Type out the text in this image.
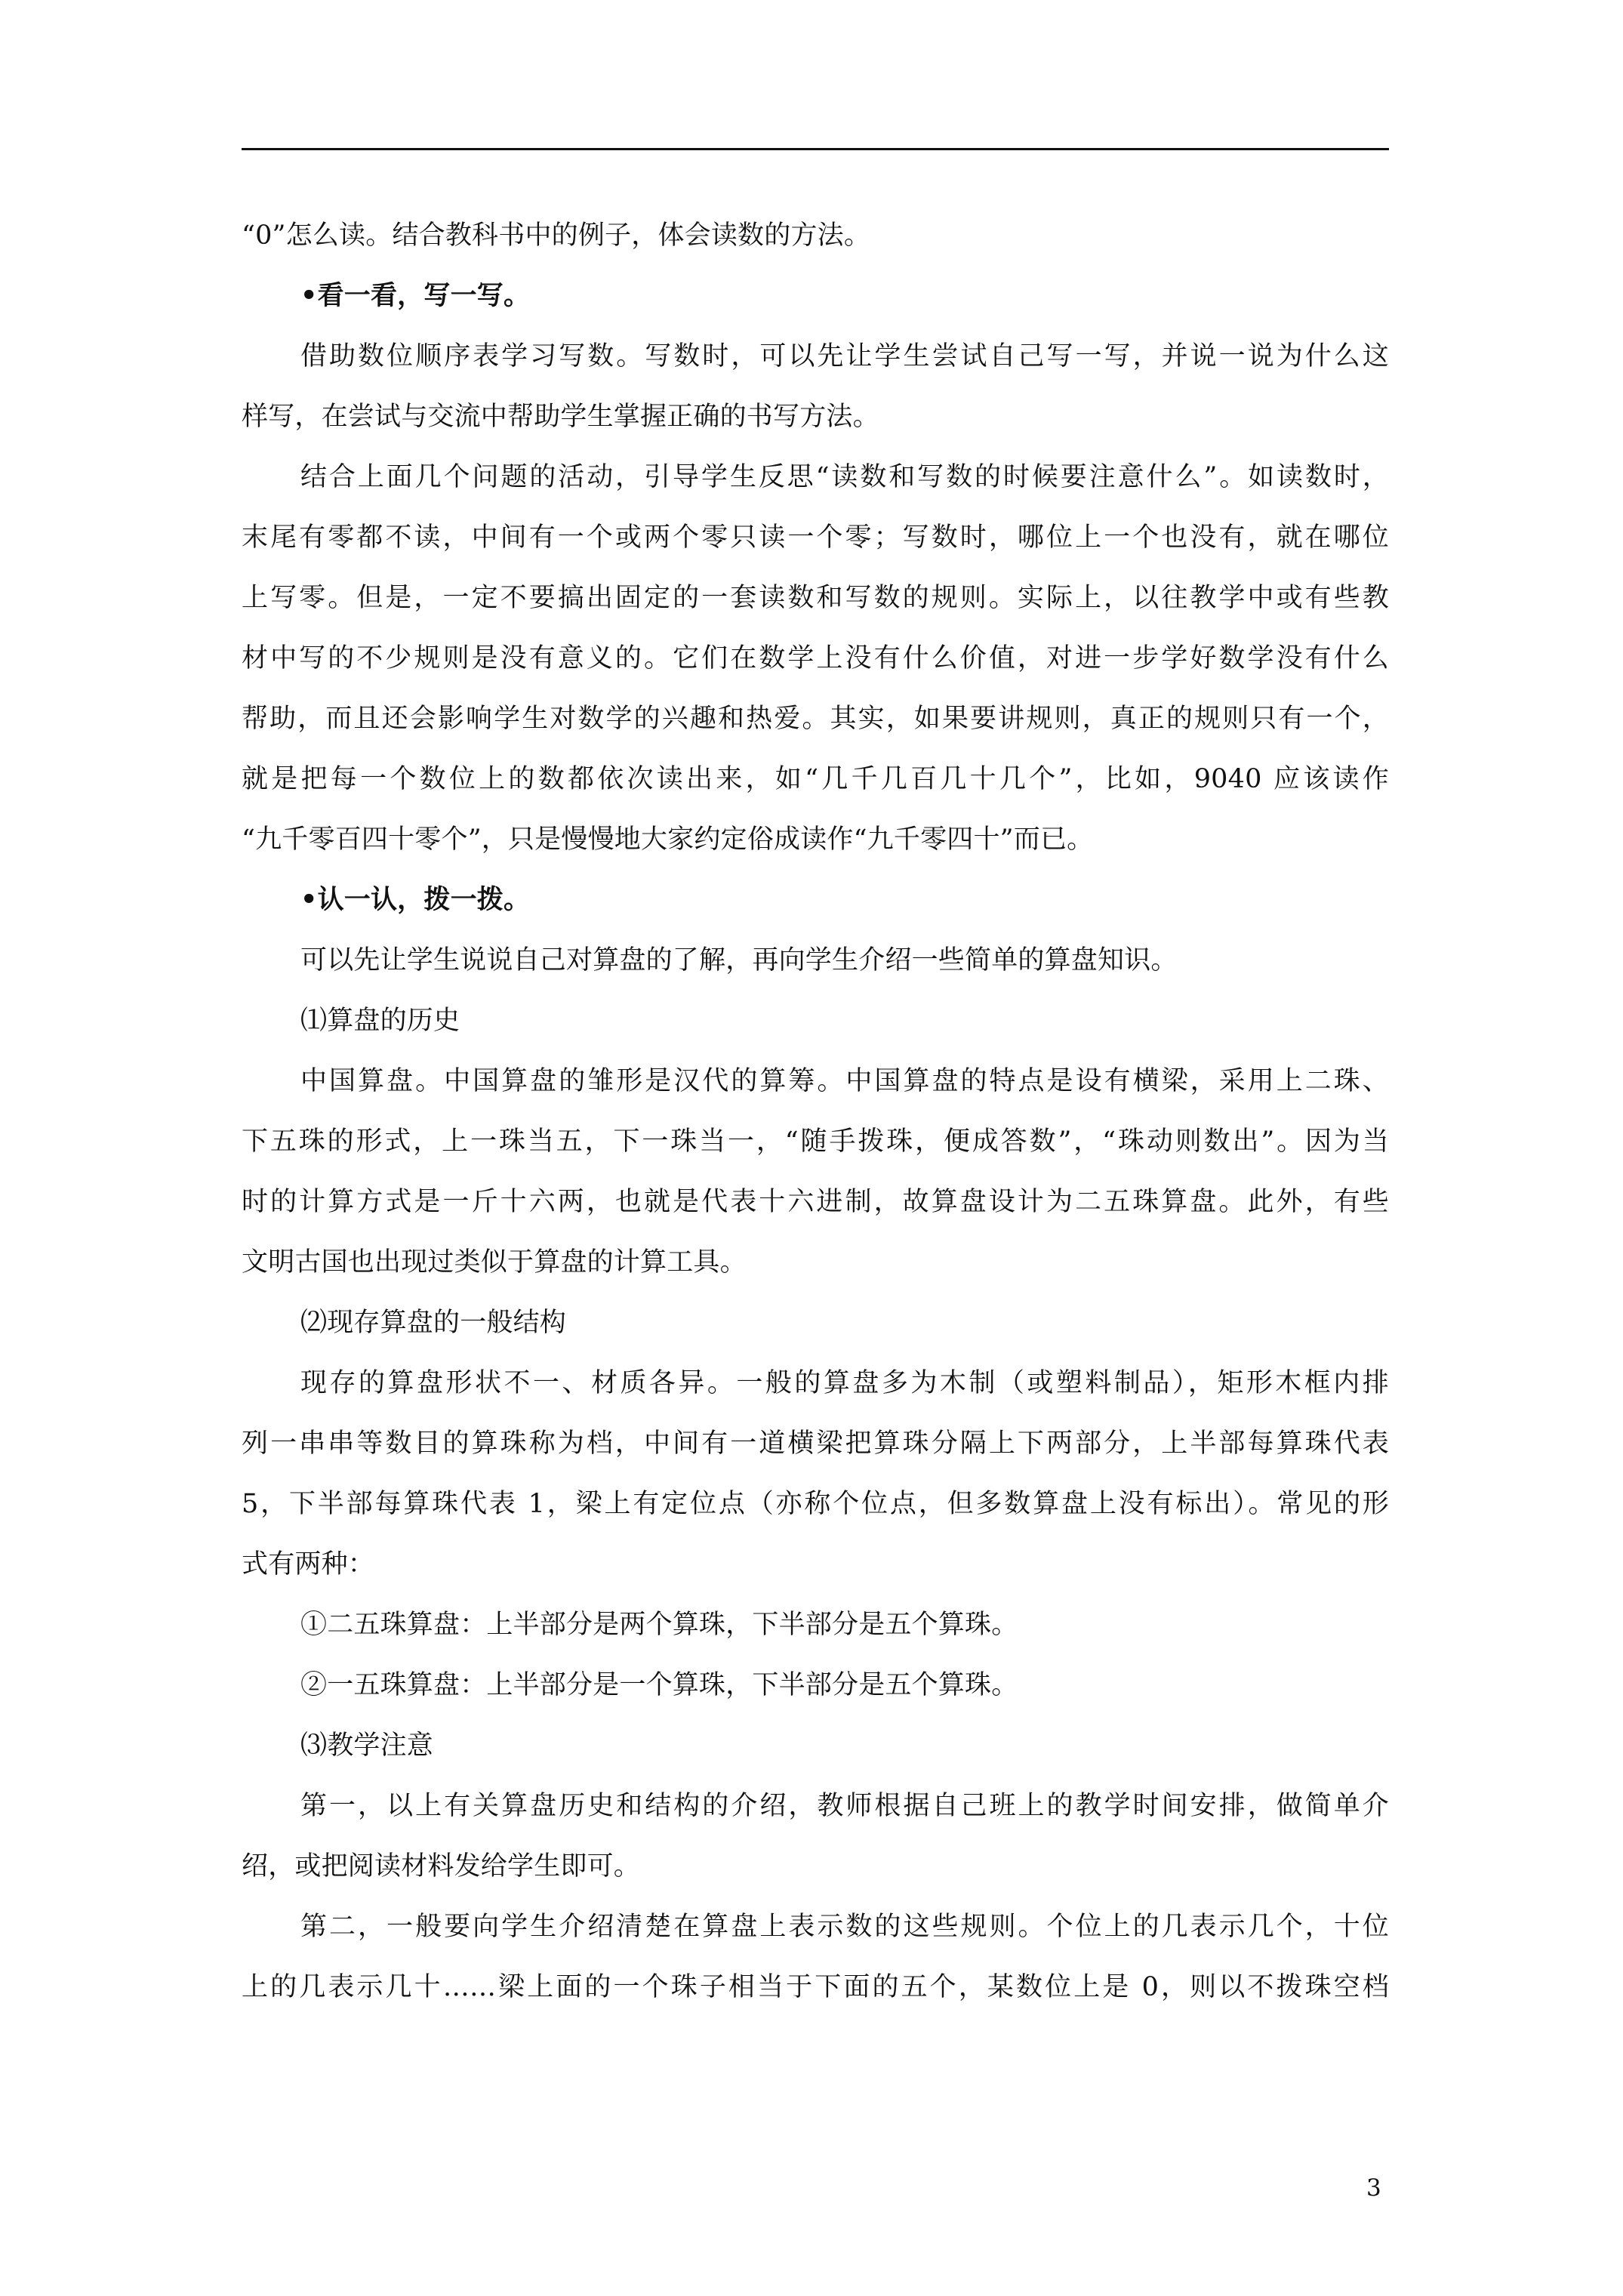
“0”怎么读。结合教科书中的例子，体会读数的方法。
•看一看，写一写。
借助数位顺序表学习写数。写数时，可以先让学生尝试自己写一写，并说一说为什么这
样写，在尝试与交流中帮助学生掌握正确的书写方法。
结合上面几个问题的活动，引导学生反思“读数和写数的时候要注意什么”。如读数时，
末尾有零都不读，中间有一个或两个零只读一个零；写数时，哪位上一个也没有，就在哪位
上写零。但是，一定不要搞出固定的一套读数和写数的规则。实际上，以往教学中或有些教
材中写的不少规则是没有意义的。它们在数学上没有什么价值，对进一步学好数学没有什么
帮助，而且还会影响学生对数学的兴趣和热爱。其实，如果要讲规则，真正的规则只有一个，
就是把每一个数位上的数都依次读出来，如“几千几百几十几个”，比如，9040 应该读作
“九千零百四十零个”，只是慢慢地大家约定俗成读作“九千零四十”而已。
•认一认，拨一拨。
可以先让学生说说自己对算盘的了解，再向学生介绍一些简单的算盘知识。
⑴算盘的历史
中国算盘。中国算盘的雏形是汉代的算筹。中国算盘的特点是设有横梁，采用上二珠、
下五珠的形式，上一珠当五，下一珠当一，“随手拨珠，便成答数”，“珠动则数出”。因为当
时的计算方式是一斤十六两，也就是代表十六进制，故算盘设计为二五珠算盘。此外，有些
文明古国也出现过类似于算盘的计算工具。
⑵现存算盘的一般结构
现存的算盘形状不一、材质各异。一般的算盘多为木制（或塑料制品），矩形木框内排
列一串串等数目的算珠称为档，中间有一道横梁把算珠分隔上下两部分，上半部每算珠代表
5，下半部每算珠代表 1，梁上有定位点（亦称个位点，但多数算盘上没有标出）。常见的形
式有两种：
①二五珠算盘：上半部分是两个算珠，下半部分是五个算珠。
②一五珠算盘：上半部分是一个算珠，下半部分是五个算珠。
⑶教学注意
第一，以上有关算盘历史和结构的介绍，教师根据自己班上的教学时间安排，做简单介
绍，或把阅读材料发给学生即可。
第二，一般要向学生介绍清楚在算盘上表示数的这些规则。个位上的几表示几个，十位
上的几表示几十……梁上面的一个珠子相当于下面的五个，某数位上是 0，则以不拨珠空档
3
